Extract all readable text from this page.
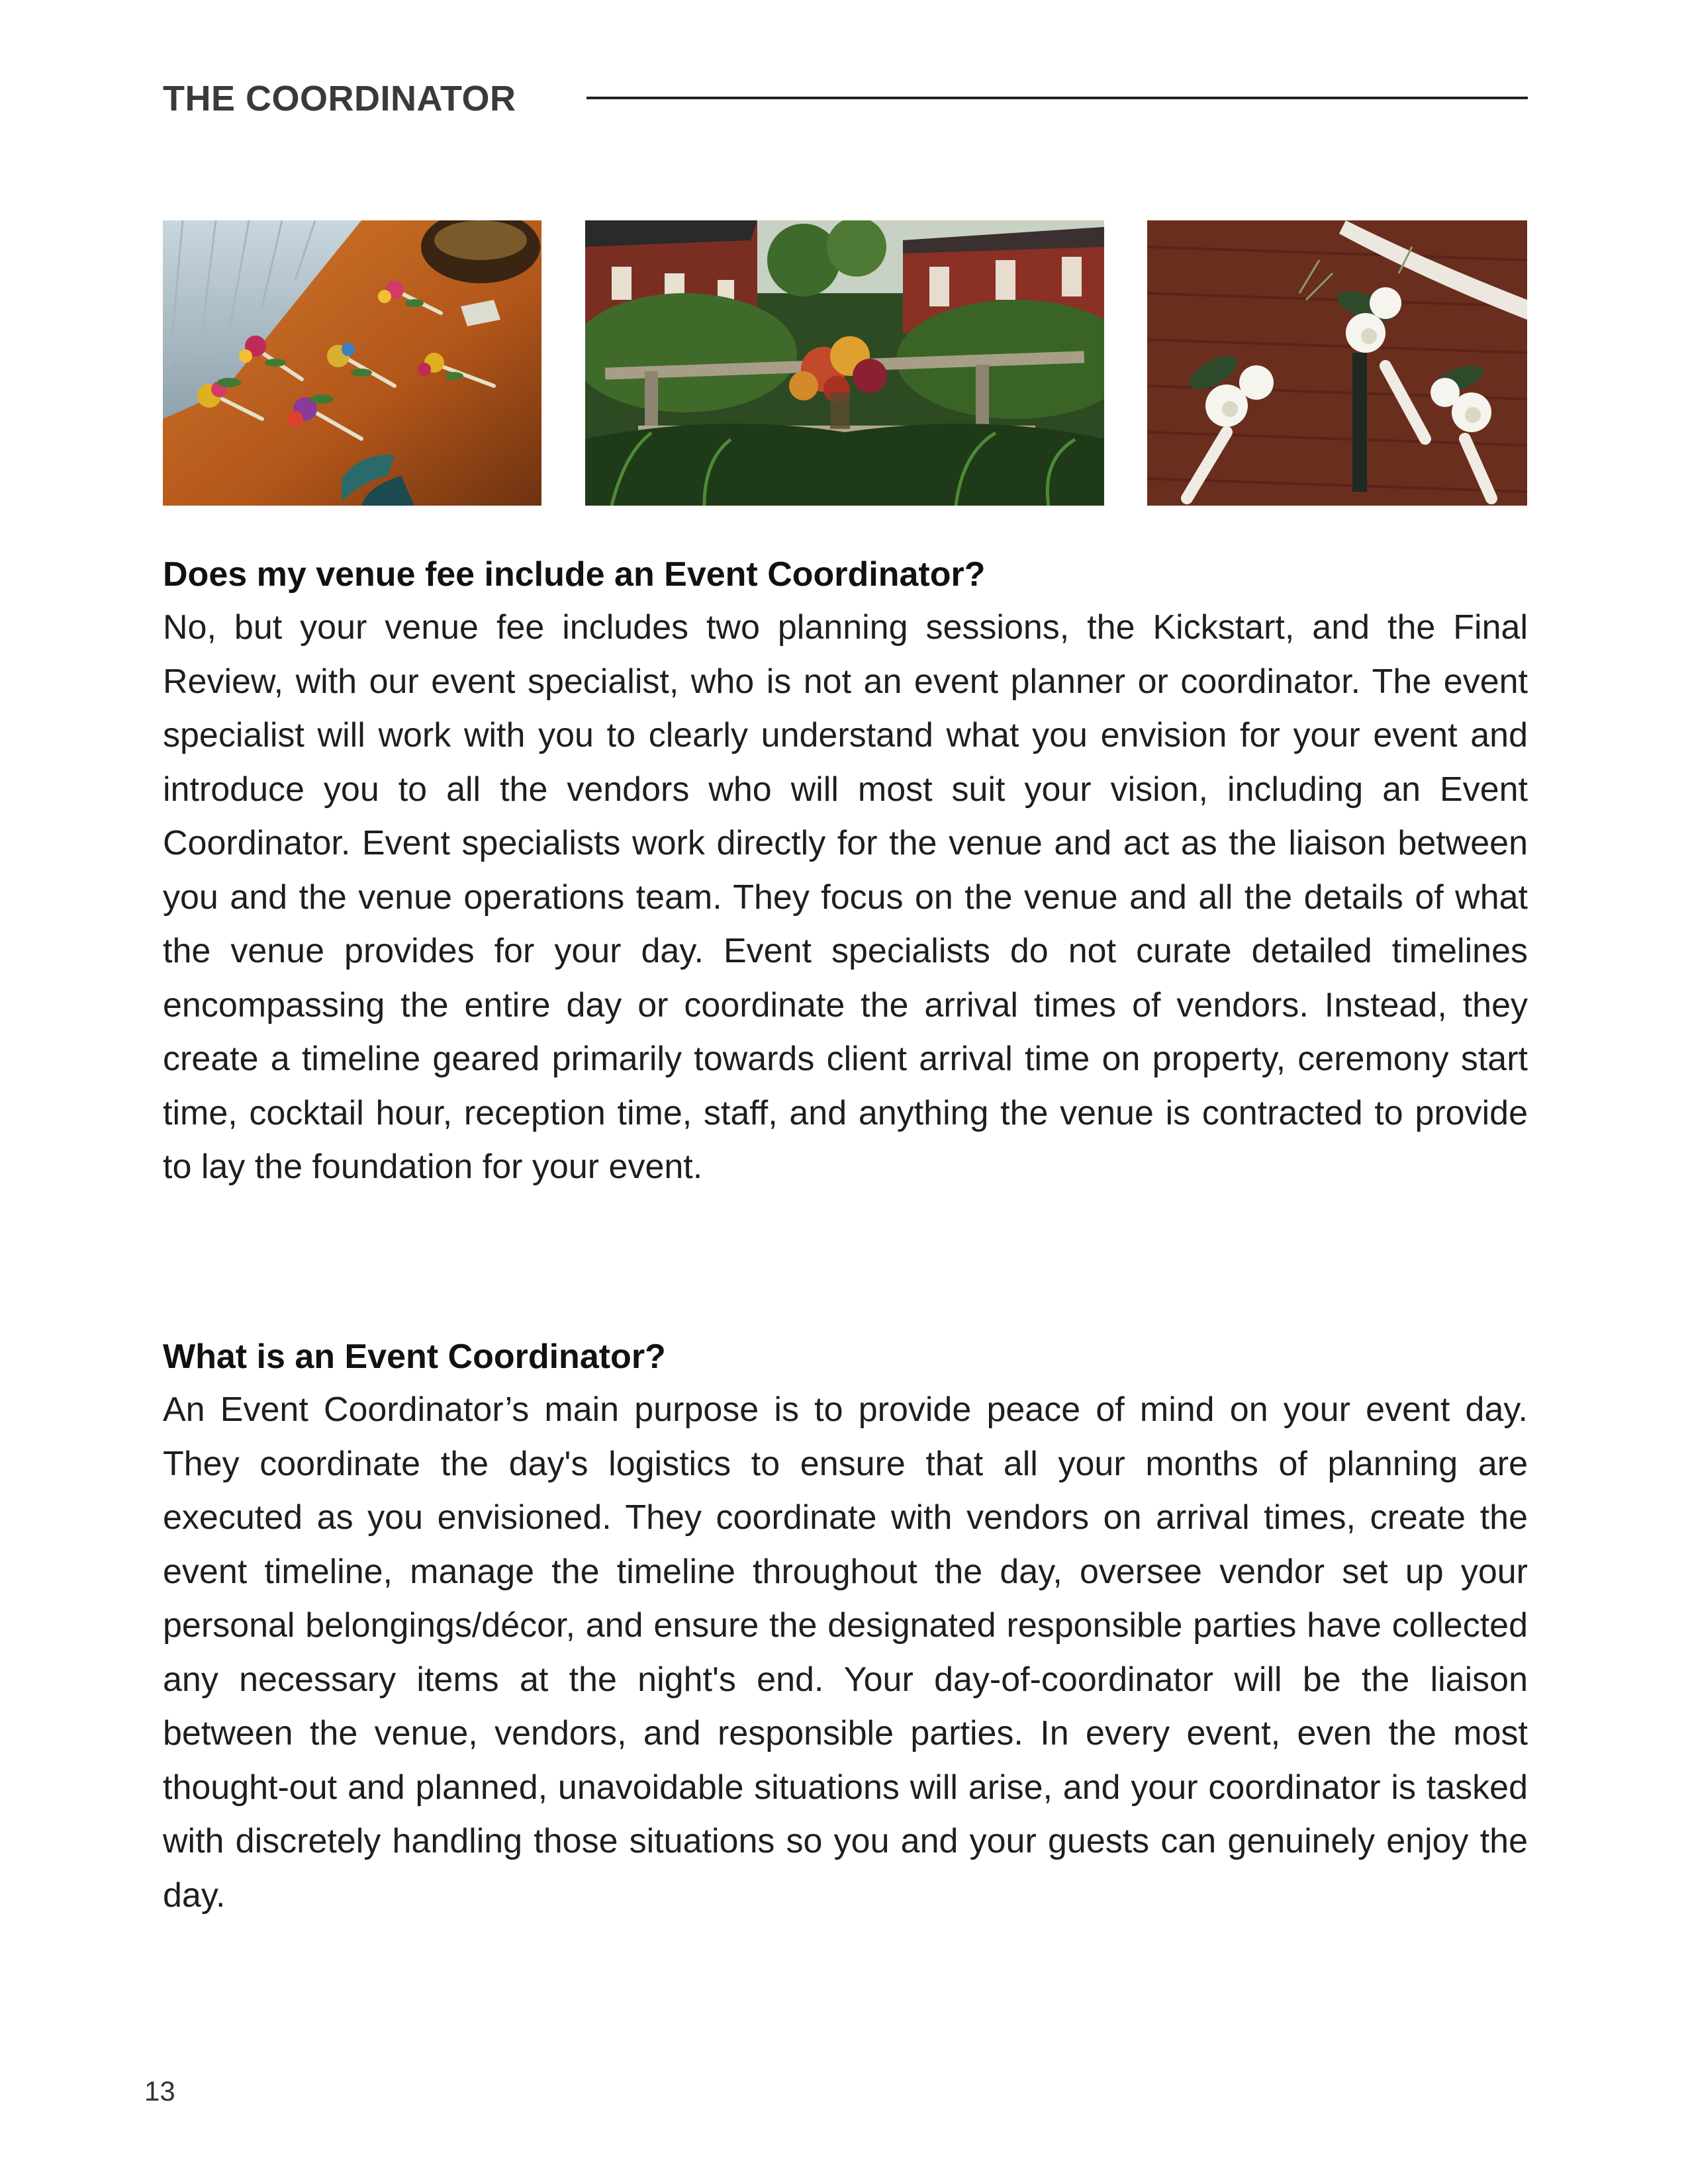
THE COORDINATOR

Does my venue fee include an Event Coordinator?

No, but your venue fee includes two planning sessions, the Kickstart, and the Final Review, with our event specialist, who is not an event planner or coordinator. The event specialist will work with you to clearly understand what you envision for your event and introduce you to all the vendors who will most suit your vision, including an Event Coordinator. Event specialists work directly for the venue and act as the liaison between you and the venue operations team. They focus on the venue and all the details of what the venue provides for your day. Event specialists do not curate detailed timelines encompassing the entire day or coordinate the arrival times of vendors. Instead, they create a timeline geared primarily towards client arrival time on property, ceremony start time, cocktail hour, reception time, staff, and anything the venue is contracted to provide to lay the foundation for your event.

What is an Event Coordinator?

An Event Coordinator’s main purpose is to provide peace of mind on your event day. They coordinate the day's logistics to ensure that all your months of planning are executed as you envisioned. They coordinate with vendors on arrival times, create the event timeline, manage the timeline throughout the day, oversee vendor set up your personal belongings/décor, and ensure the designated responsible parties have collected any necessary items at the night's end. Your day-of-coordinator will be the liaison between the venue, vendors, and responsible parties. In every event, even the most thought-out and planned, unavoidable situations will arise, and your coordinator is tasked with discretely handling those situations so you and your guests can genuinely enjoy the day.

13
